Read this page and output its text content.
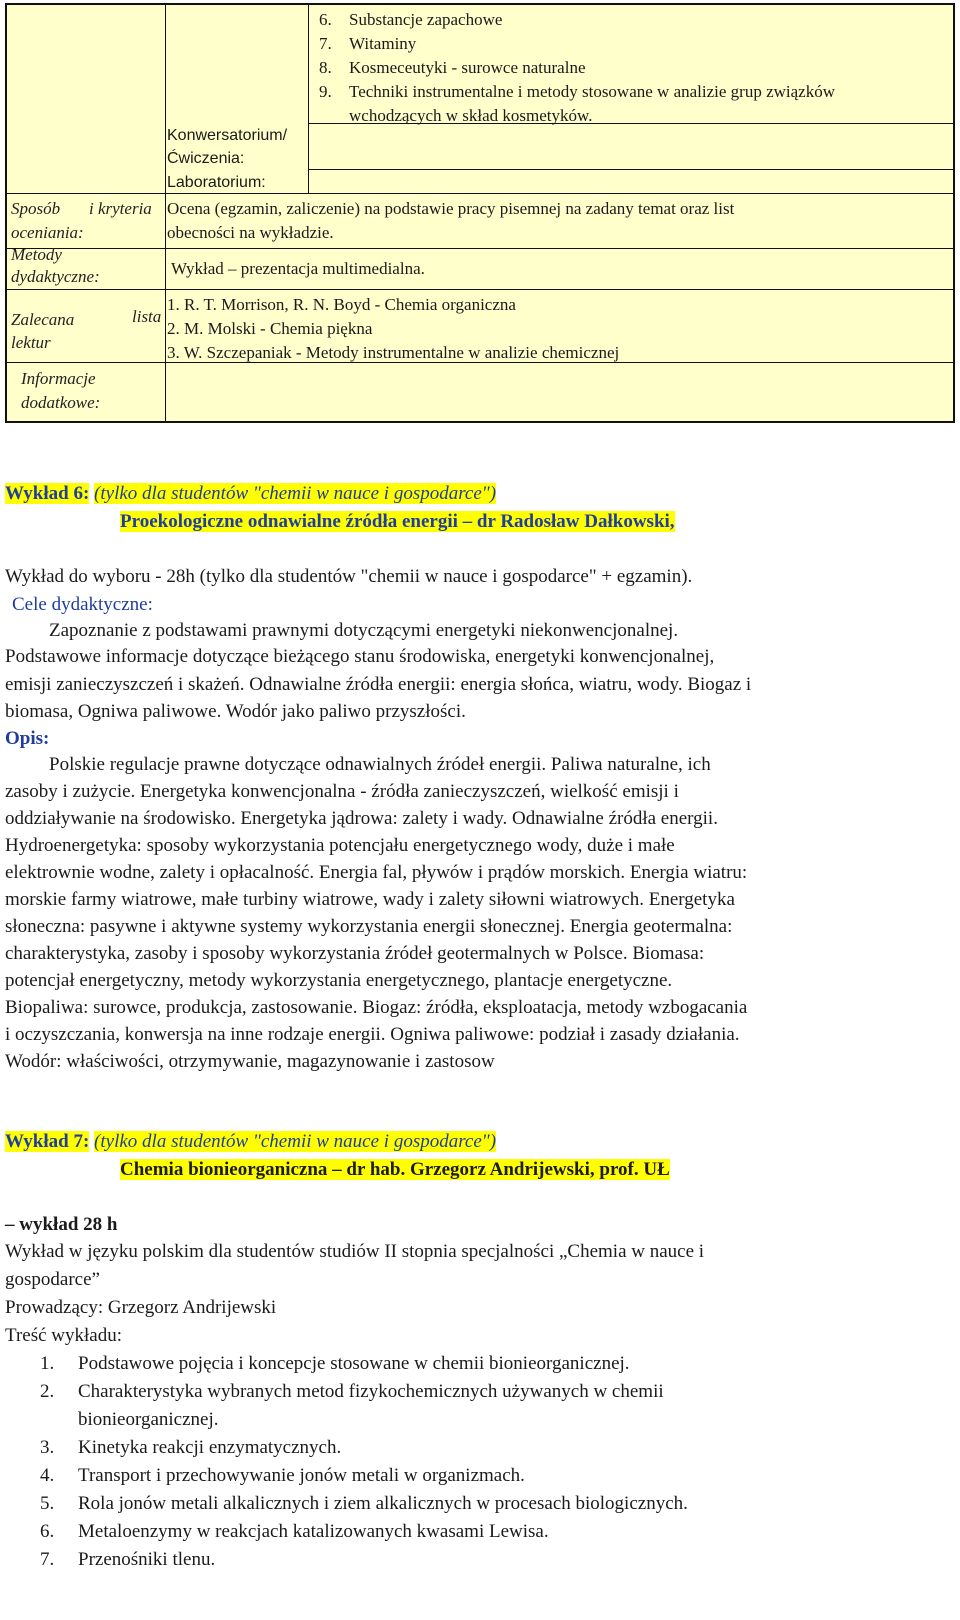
6. Substancje zapachowe
7. Witaminy
8. Kosmeceutyki - surowce naturalne
9. Techniki instrumentalne i metody stosowane w analizie grup związków
wchodzących w skład kosmetyków.
Konwersatorium/
Ćwiczenia:
Laboratorium:
Sposób i kryteria
oceniania:
Ocena (egzamin, zaliczenie) na podstawie pracy pisemnej na zadany temat oraz list
obecności na wykładzie.
Metody
dydaktyczne:	Wykład – prezentacja multimedialna.
Zalecana	lista
lektur
1. R. T. Morrison, R. N. Boyd - Chemia organiczna
2. M. Molski - Chemia piękna
3. W. Szczepaniak - Metody instrumentalne w analizie chemicznej
Informacje
dodatkowe:
Wykład 6: (tylko dla studentów "chemii w nauce i gospodarce")
Proekologiczne odnawialne źródła energii – dr Radosław Dałkowski,
Wykład do wyboru - 28h (tylko dla studentów "chemii w nauce i gospodarce" + egzamin).
Cele dydaktyczne:
Zapoznanie z podstawami prawnymi dotyczącymi energetyki niekonwencjonalnej.
Podstawowe informacje dotyczące bieżącego stanu środowiska, energetyki konwencjonalnej,
emisji zanieczyszczeń i skażeń. Odnawialne źródła energii: energia słońca, wiatru, wody. Biogaz i
biomasa, Ogniwa paliwowe. Wodór jako paliwo przyszłości.
Opis:
Polskie regulacje prawne dotyczące odnawialnych źródeł energii. Paliwa naturalne, ich
zasoby i zużycie. Energetyka konwencjonalna - źródła zanieczyszczeń, wielkość emisji i
oddziaływanie na środowisko. Energetyka jądrowa: zalety i wady. Odnawialne źródła energii.
Hydroenergetyka: sposoby wykorzystania potencjału energetycznego wody, duże i małe
elektrownie wodne, zalety i opłacalność. Energia fal, pływów i prądów morskich. Energia wiatru:
morskie farmy wiatrowe, małe turbiny wiatrowe, wady i zalety siłowni wiatrowych. Energetyka
słoneczna: pasywne i aktywne systemy wykorzystania energii słonecznej. Energia geotermalna:
charakterystyka, zasoby i sposoby wykorzystania źródeł geotermalnych w Polsce. Biomasa:
potencjał energetyczny, metody wykorzystania energetycznego, plantacje energetyczne.
Biopaliwa: surowce, produkcja, zastosowanie. Biogaz: źródła, eksploatacja, metody wzbogacania
i oczyszczania, konwersja na inne rodzaje energii. Ogniwa paliwowe: podział i zasady działania.
Wodór: właściwości, otrzymywanie, magazynowanie i zastosow
Wykład 7: (tylko dla studentów "chemii w nauce i gospodarce")
Chemia bionieorganiczna – dr hab. Grzegorz Andrijewski, prof. UŁ
– wykład 28 h
Wykład w języku polskim dla studentów studiów II stopnia specjalności „Chemia w nauce i
gospodarce”
Prowadzący: Grzegorz Andrijewski
Treść wykładu:
1. Podstawowe pojęcia i koncepcje stosowane w chemii bionieorganicznej.
2. Charakterystyka wybranych metod fizykochemicznych używanych w chemii
bionieorganicznej.
3. Kinetyka reakcji enzymatycznych.
4. Transport i przechowywanie jonów metali w organizmach.
5. Rola jonów metali alkalicznych i ziem alkalicznych w procesach biologicznych.
6. Metaloenzymy w reakcjach katalizowanych kwasami Lewisa.
7. Przenośniki tlenu.
